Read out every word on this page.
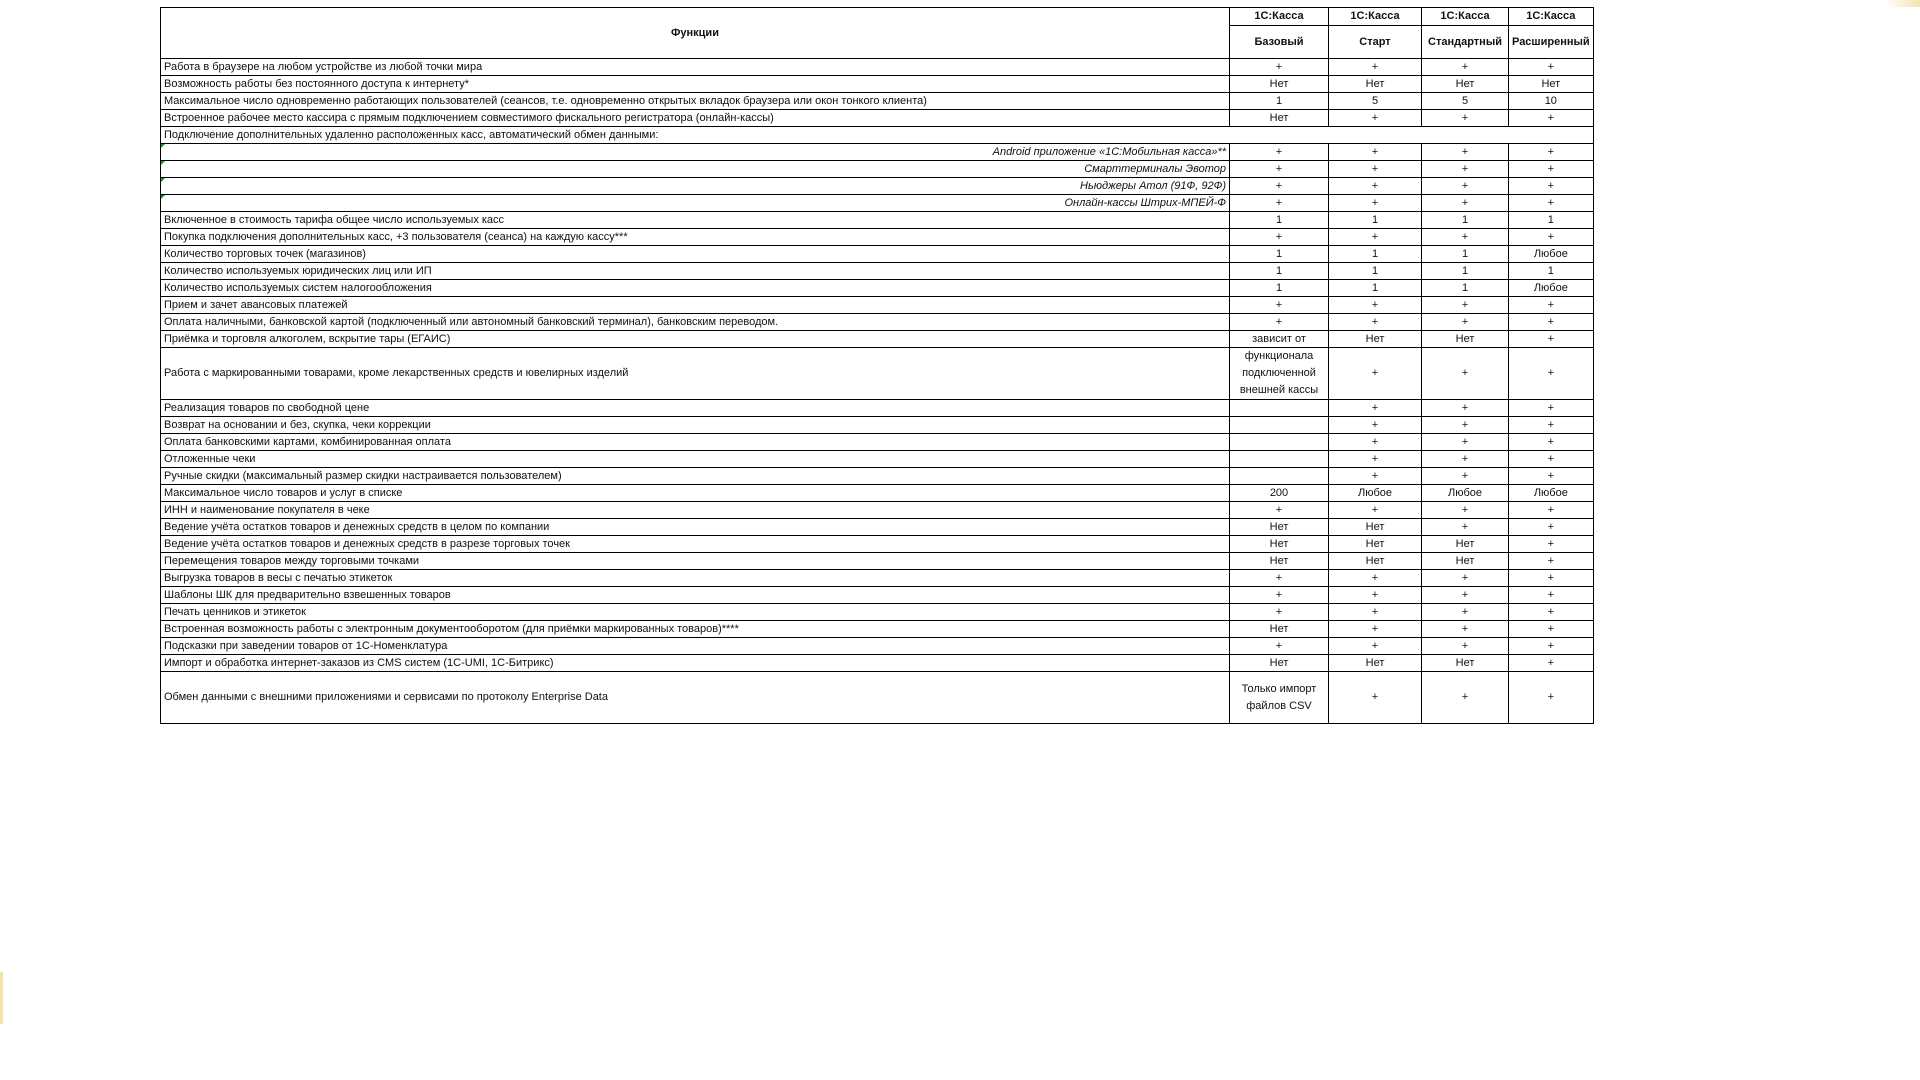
Функции	1С:Касса	1С:Касса	1С:Касса	1С:Касса
	Базовый	Старт	Стандартный	Расширенный
Работа в браузере на любом устройстве из любой точки мира	+	+	+	+
Возможность работы без постоянного доступа к интернету*	Нет	Нет	Нет	Нет
Максимальное число одновременно работающих пользователей (сеансов, т.е. одновременно открытых вкладок браузера или окон тонкого клиента)	1	5	5	10
Встроенное рабочее место кассира с прямым подключением совместимого фискального регистратора (онлайн-кассы)	Нет	+	+	+
Подключение дополнительных удаленно расположенных касс, автоматический обмен данными:				
Android приложение «1С:Мобильная касса»**	+	+	+	+
Смарттерминалы Эвотор	+	+	+	+
Ньюджеры Атол (91Ф, 92Ф)	+	+	+	+
Онлайн-кассы Штрих-МПЕЙ-Ф	+	+	+	+
Включенное в стоимость тарифа общее число используемых касс	1	1	1	1
Покупка подключения дополнительных касс, +3 пользователя (сеанса) на каждую кассу***	+	+	+	+
Количество торговых точек (магазинов)	1	1	1	Любое
Количество используемых юридических лиц или ИП	1	1	1	1
Количество используемых систем налогообложения	1	1	1	Любое
Прием и зачет авансовых платежей	+	+	+	+
Оплата наличными, банковской картой (подключенный или автономный банковский терминал), банковским переводом.	+	+	+	+
Приёмка и торговля алкоголем, вскрытие тары (ЕГАИС)	зависит от	Нет	Нет	+
Работа с маркированными товарами, кроме лекарственных средств и ювелирных изделий	функционала подключенной внешней кассы	+	+	+
Реализация товаров по свободной цене		+	+	+
Возврат на основании и без, скупка, чеки коррекции		+	+	+
Оплата банковскими картами, комбинированная оплата		+	+	+
Отложенные чеки		+	+	+
Ручные скидки (максимальный размер скидки настраивается пользователем)		+	+	+
Максимальное число товаров и услуг в списке	200	Любое	Любое	Любое
ИНН и наименование покупателя в чеке	+	+	+	+
Ведение учёта остатков товаров и денежных средств в целом по компании	Нет	Нет	+	+
Ведение учёта остатков товаров и денежных средств в разрезе торговых точек	Нет	Нет	Нет	+
Перемещения товаров между торговыми точками	Нет	Нет	Нет	+
Выгрузка товаров в весы с печатью этикеток	+	+	+	+
Шаблоны ШК для предварительно взвешенных товаров	+	+	+	+
Печать ценников и этикеток	+	+	+	+
Встроенная возможность работы с электронным документооборотом (для приёмки маркированных товаров)****	Нет	+	+	+
Подсказки при заведении товаров от 1С-Номенклатура	+	+	+	+
Импорт и обработка интернет-заказов из CMS систем (1С-UMI, 1С-Битрикс)	Нет	Нет	Нет	+
Обмен данными с внешними приложениями и сервисами по протоколу Enterprise Data	Только импорт файлов CSV	+	+	+
